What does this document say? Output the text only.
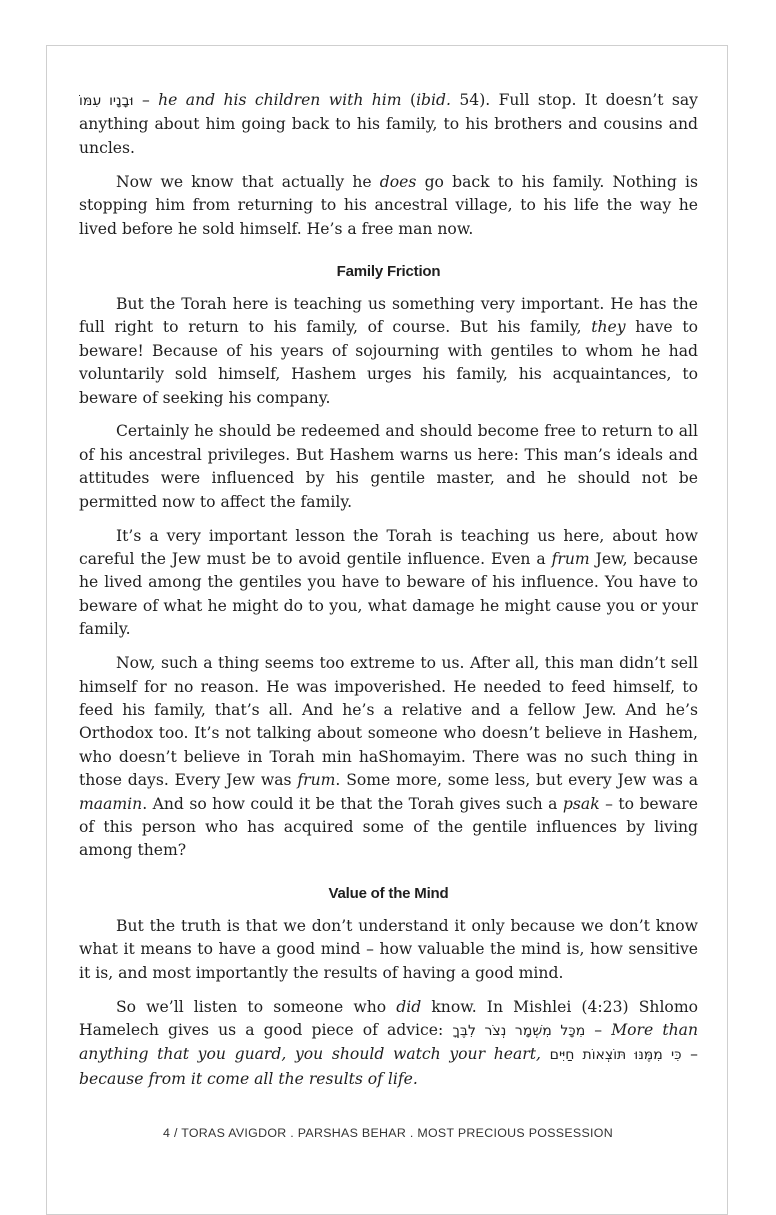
וּבָנָיו עִמּוֹ – he and his children with him (ibid. 54). Full stop. It doesn’t say anything about him going back to his family, to his brothers and cousins and uncles.

Now we know that actually he does go back to his family. Nothing is stopping him from returning to his ancestral village, to his life the way he lived before he sold himself. He’s a free man now.

Family Friction

But the Torah here is teaching us something very important. He has the full right to return to his family, of course. But his family, they have to beware! Because of his years of sojourning with gentiles to whom he had voluntarily sold himself, Hashem urges his family, his acquaintances, to beware of seeking his company.

Certainly he should be redeemed and should become free to return to all of his ancestral privileges. But Hashem warns us here: This man’s ideals and attitudes were influenced by his gentile master, and he should not be permitted now to affect the family.

It’s a very important lesson the Torah is teaching us here, about how careful the Jew must be to avoid gentile influence. Even a frum Jew, because he lived among the gentiles you have to beware of his influence. You have to beware of what he might do to you, what damage he might cause you or your family.

Now, such a thing seems too extreme to us. After all, this man didn’t sell himself for no reason. He was impoverished. He needed to feed himself, to feed his family, that’s all. And he’s a relative and a fellow Jew. And he’s Orthodox too. It’s not talking about someone who doesn’t believe in Hashem, who doesn’t believe in Torah min haShomayim. There was no such thing in those days. Every Jew was frum. Some more, some less, but every Jew was a maamin. And so how could it be that the Torah gives such a psak – to beware of this person who has acquired some of the gentile influences by living among them?

Value of the Mind

But the truth is that we don’t understand it only because we don’t know what it means to have a good mind – how valuable the mind is, how sensitive it is, and most importantly the results of having a good mind.

So we’ll listen to someone who did know. In Mishlei (4:23) Shlomo Hamelech gives us a good piece of advice: מִכָּל מִשְׁמָר נְצֹר לִבֶּךָ – More than anything that you guard, you should watch your heart, כִּי מִמֶּנּוּ תּוֹצְאוֹת חַיִּים – because from it come all the results of life.

4 / TORAS AVIGDOR . PARSHAS BEHAR . MOST PRECIOUS POSSESSION
